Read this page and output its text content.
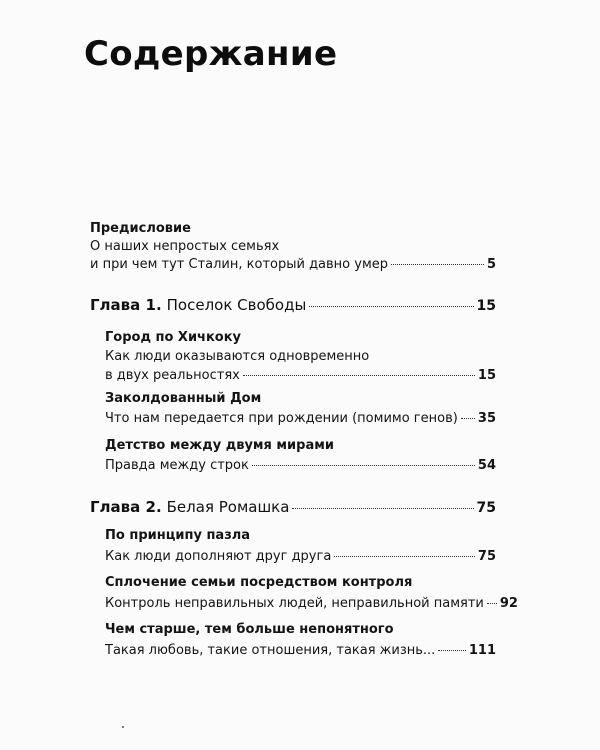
Содержание
Предисловие
О наших непростых семьях
и при чем тут Сталин, который давно умер	5
Глава 1. Поселок Свободы	15
Город по Хичкоку
Как люди оказываются одновременно
в двух реальностях	15
Заколдованный Дом
Что нам передается при рождении (помимо генов) 35
Детство между двумя мирами
Правда между строк	54
Глава 2. Белая Ромашка	75
По принципу пазла
Как люди дополняют друг друга	75
Сплочение семьи посредством контроля
Контроль неправильных людей, неправильной памяти 92
Чем старше, тем больше непонятного
Такая любовь, такие отношения, такая жизнь...	111
